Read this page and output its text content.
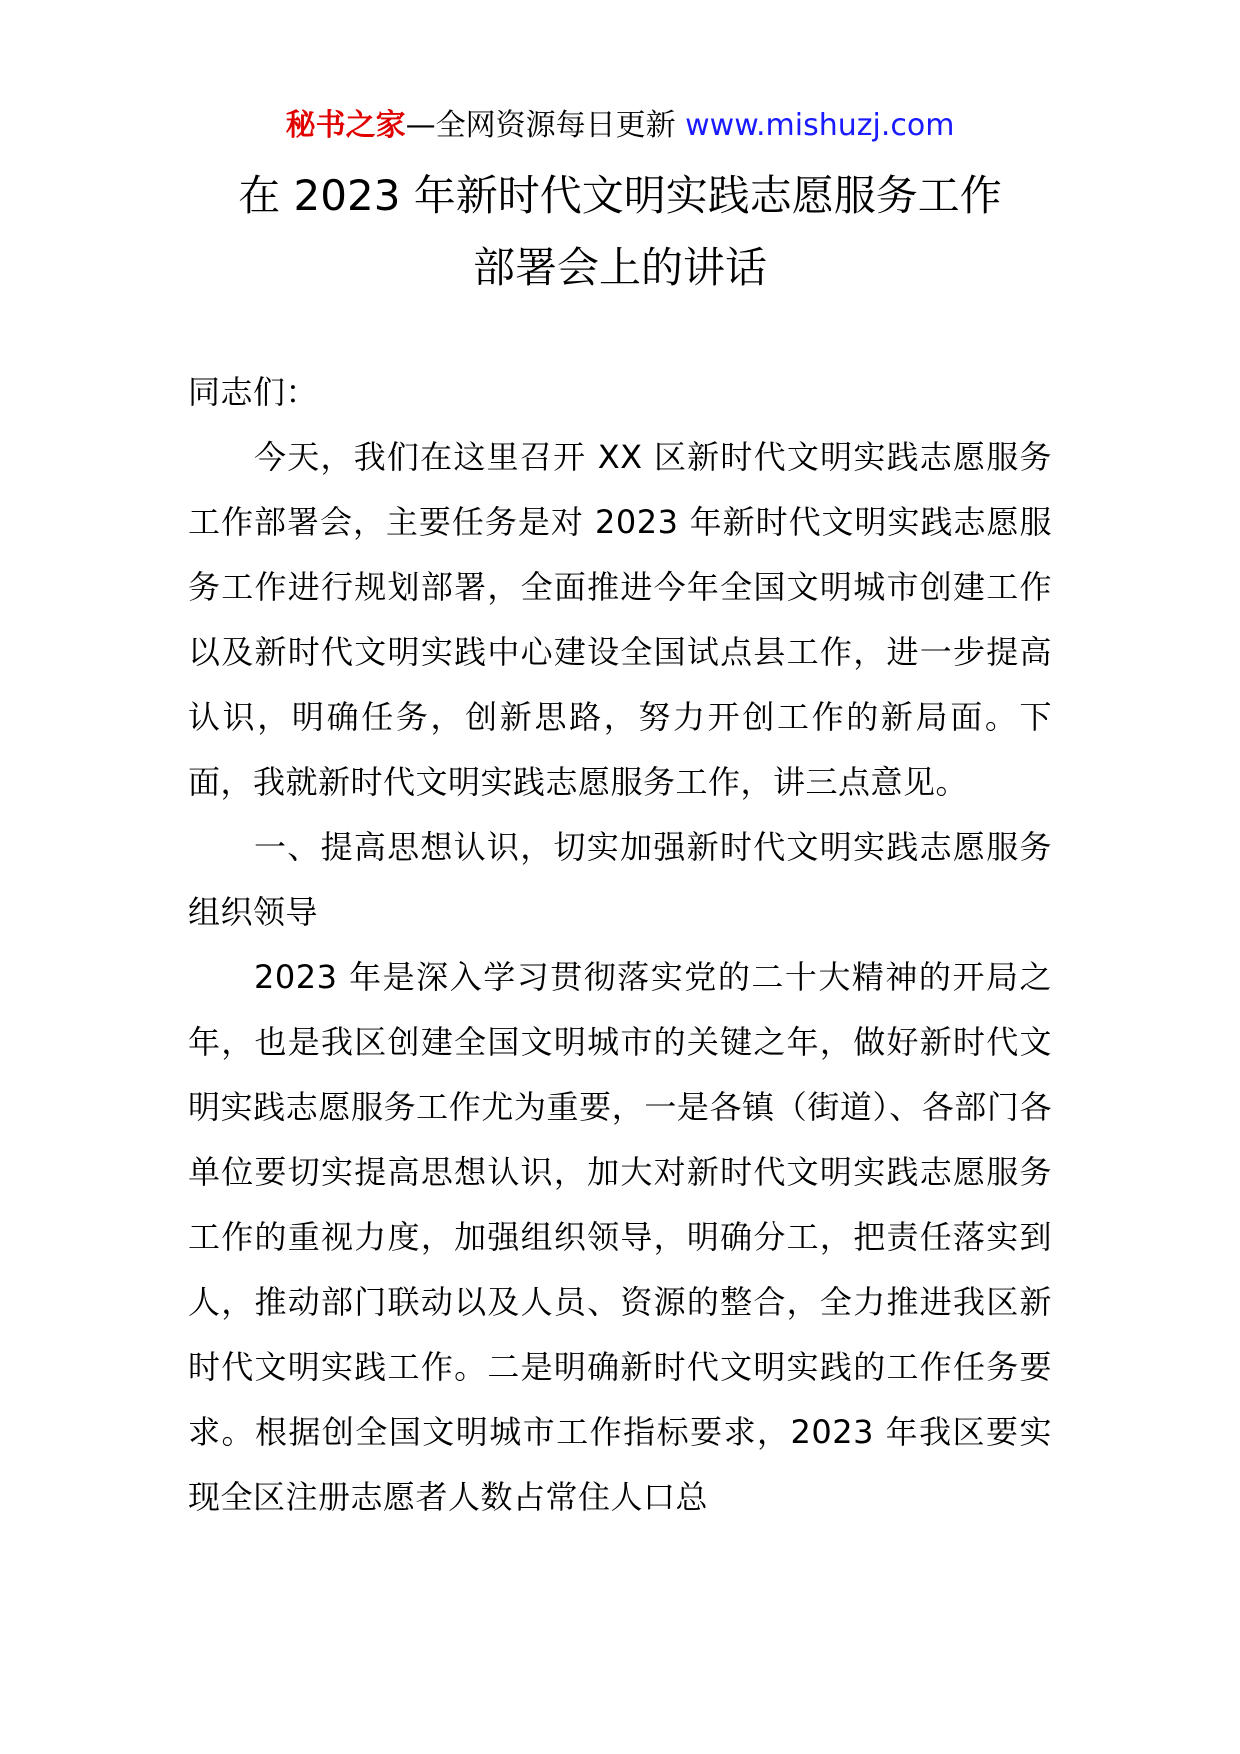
秘书之家—全网资源每日更新 www.mishuzj.com
在 2023 年新时代文明实践志愿服务工作
部署会上的讲话

同志们：

今天，我们在这里召开 XX 区新时代文明实践志愿服务工作部署会，主要任务是对 2023 年新时代文明实践志愿服务工作进行规划部署，全面推进今年全国文明城市创建工作以及新时代文明实践中心建设全国试点县工作，进一步提高认识，明确任务，创新思路，努力开创工作的新局面。下面，我就新时代文明实践志愿服务工作，讲三点意见。

一、提高思想认识，切实加强新时代文明实践志愿服务组织领导

2023 年是深入学习贯彻落实党的二十大精神的开局之年，也是我区创建全国文明城市的关键之年，做好新时代文明实践志愿服务工作尤为重要，一是各镇（街道）、各部门各单位要切实提高思想认识，加大对新时代文明实践志愿服务工作的重视力度，加强组织领导，明确分工，把责任落实到人，推动部门联动以及人员、资源的整合，全力推进我区新时代文明实践工作。二是明确新时代文明实践的工作任务要求。根据创全国文明城市工作指标要求，2023 年我区要实现全区注册志愿者人数占常住人口总
